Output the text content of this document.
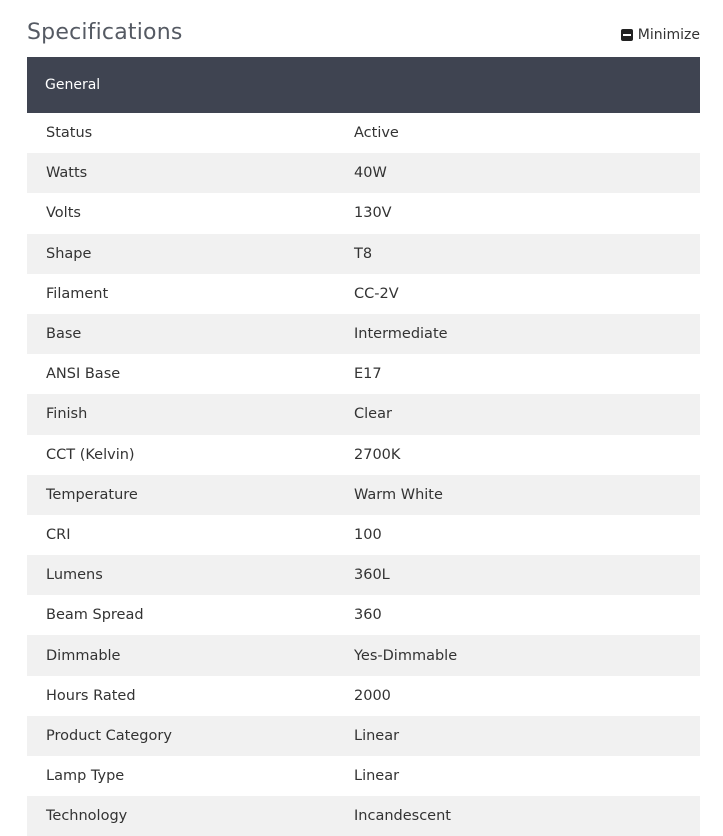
Specifications	Minimize
General
Status	Active
Watts	40W
Volts	130V
Shape	T8
Filament	CC-2V
Base	Intermediate
ANSI Base	E17
Finish	Clear
CCT (Kelvin)	2700K
Temperature	Warm White
CRI	100
Lumens	360L
Beam Spread	360
Dimmable	Yes-Dimmable
Hours Rated	2000
Product Category	Linear
Lamp Type	Linear
Technology	Incandescent
